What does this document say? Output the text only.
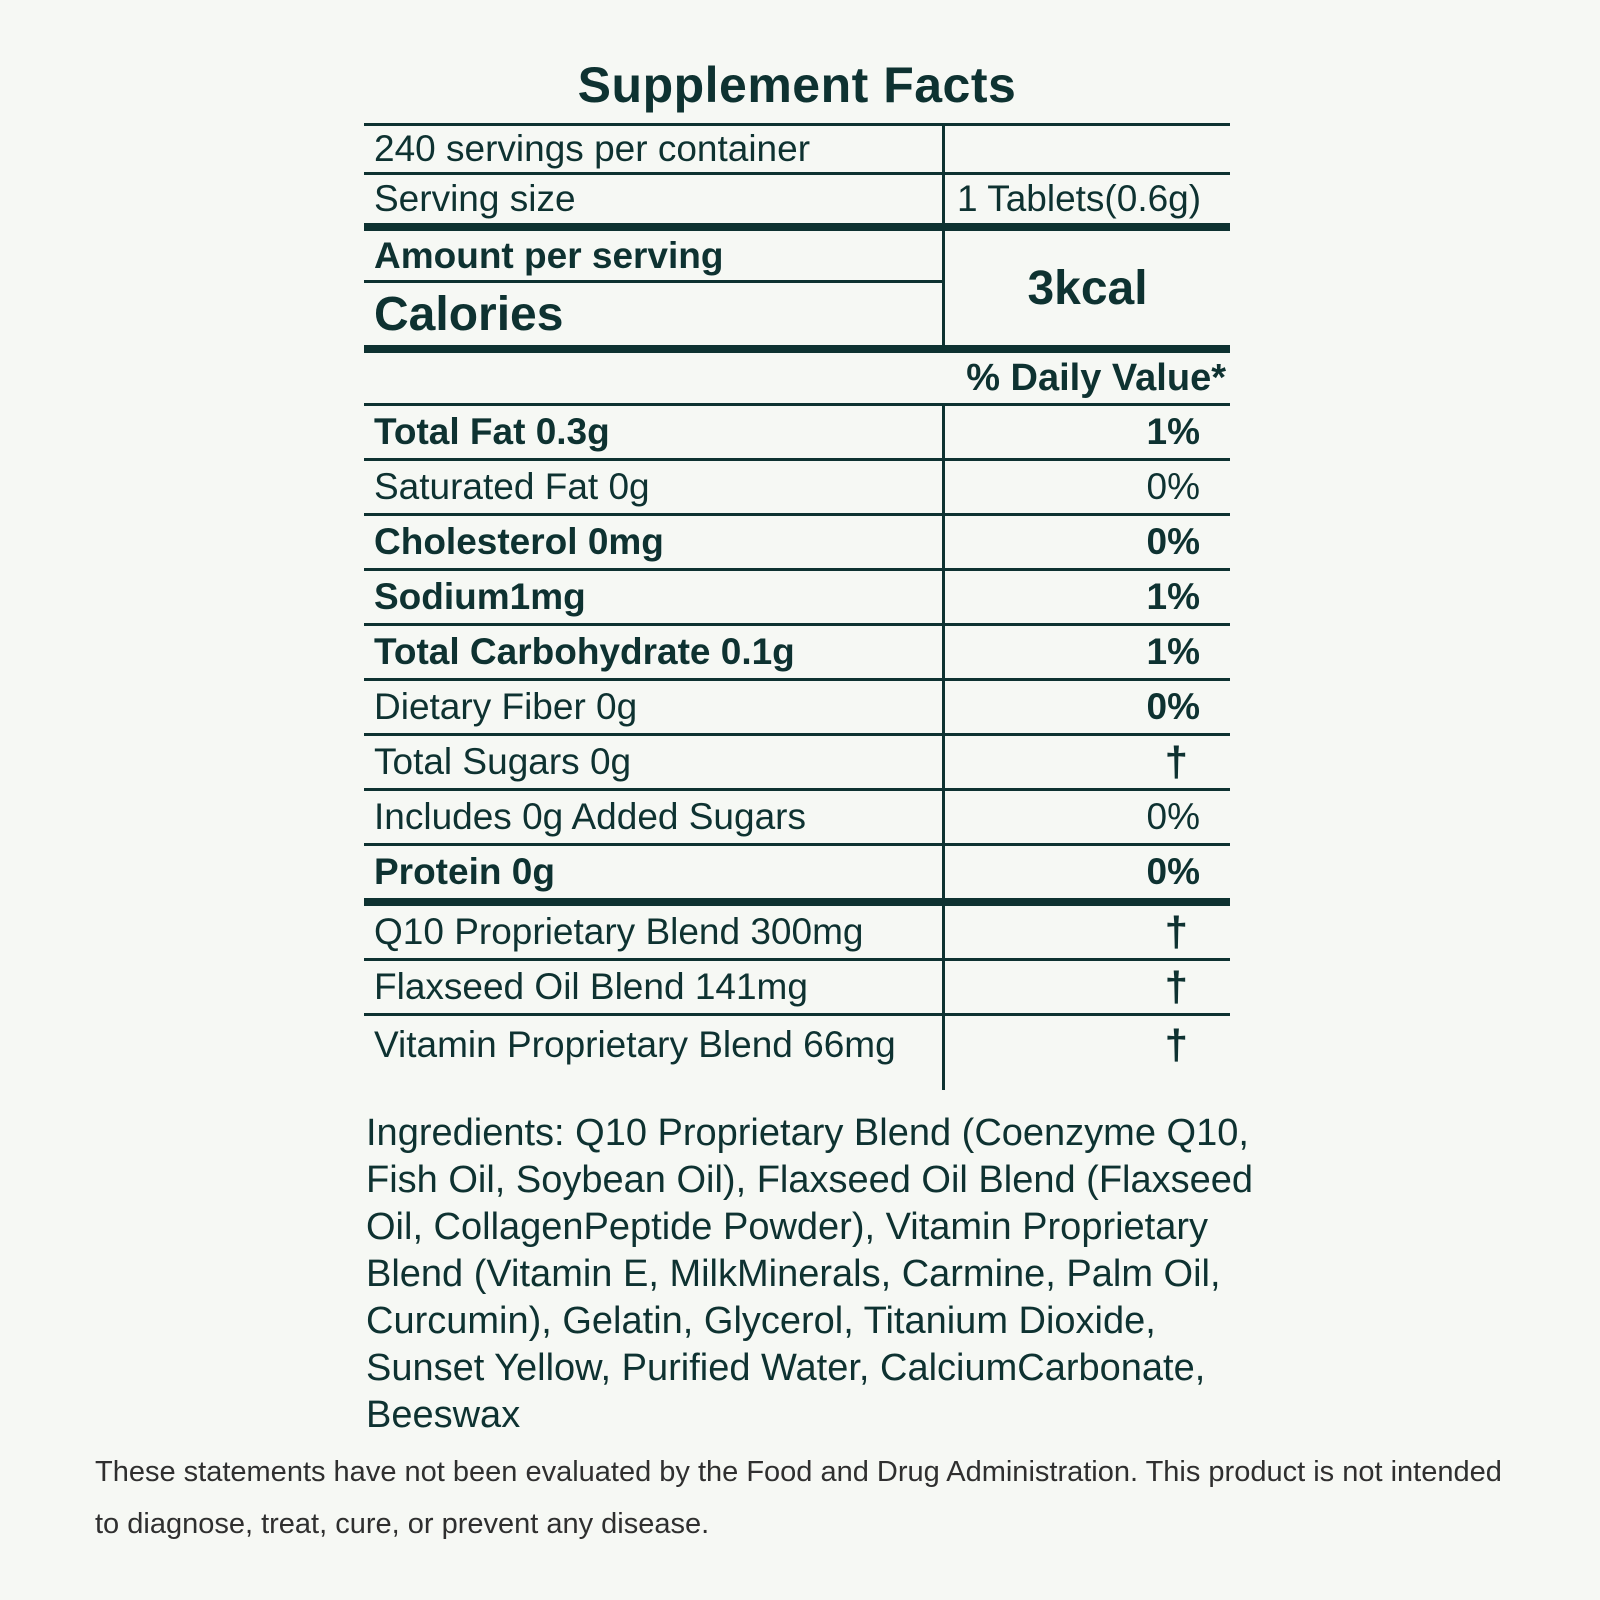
Supplement Facts
240 servings per container
Serving size	1 Tablets(0.6g)
Amount per serving
Calories	3kcal
% Daily Value*
Total Fat 0.3g	1%
Saturated Fat 0g	0%
Cholesterol 0mg	0%
Sodium1mg	1%
Total Carbohydrate 0.1g	1%
Dietary Fiber 0g	0%
Total Sugars 0g	†
Includes 0g Added Sugars	0%
Protein 0g	0%
Q10 Proprietary Blend 300mg	†
Flaxseed Oil Blend 141mg	†
Vitamin Proprietary Blend 66mg	†
Ingredients: Q10 Proprietary Blend (Coenzyme Q10, Fish Oil, Soybean Oil), Flaxseed Oil Blend (Flaxseed Oil, CollagenPeptide Powder), Vitamin Proprietary Blend (Vitamin E, MilkMinerals, Carmine, Palm Oil, Curcumin), Gelatin, Glycerol, Titanium Dioxide, Sunset Yellow, Purified Water, CalciumCarbonate, Beeswax
These statements have not been evaluated by the Food and Drug Administration. This product is not intended to diagnose, treat, cure, or prevent any disease.
